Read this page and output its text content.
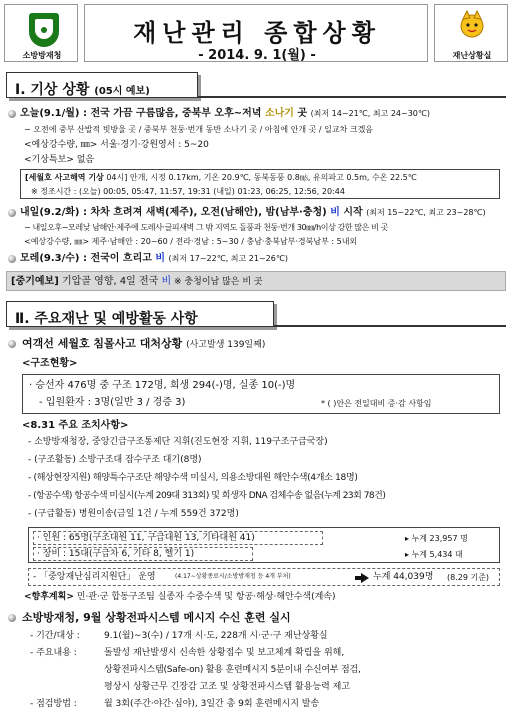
소방방재청
재난관리 종합상황
- 2014. 9. 1(월) -	재난상황실
Ⅰ. 기상 상황 (05시 예보)
오늘(9.1/월) : 전국 가끔 구름많음, 중북부 오후∼저녁 소나기 곳 (최저 14~21℃, 최고 24~30℃)
− 오전에 중부 산발적 빗방울 곳 / 중북부 천둥·번개 동반 소나기 곳 / 아침에 안개 곳 / 일교차 크겠음
<예상강수량, ㎜> 서울·경기·강원영서 : 5~20
<기상특보> 없음
[세월호 사고해역 기상 04시] 안개, 시정 0.17km, 기온 20.9℃, 동북동풍 0.8㎧, 유의파고 0.5m, 수온 22.5℃
※ 정조시간 : (오늘) 00:05, 05:47, 11:57, 19:31 (내일) 01:23, 06:25, 12:56, 20:44
내일(9.2/화) : 차차 흐려져 새벽(제주), 오전(남해안), 밤(남부·충청) 비 시작 (최저 15~22℃, 최고 23~28℃)
− 내일오후∼모레낮 남해안·제주에 도레사·글피새벽 그 밖 지역도 돌풍과 천둥·번개 30㎜/h이상 강한 많은 비 곳
<예상강수량, ㎜> 제주·남해안 : 20~60 / 전라·경남 : 5~30 / 충남·충북남부·경북남부 : 5내외
모레(9.3/수) : 전국이 흐리고 비 (최저 17~22℃, 최고 21~26℃)
[중기예보] 기압골 영향, 4일 전국 비 ※ 충청이남 많은 비 곳
Ⅱ. 주요재난 및 예방활동 사항
여객선 세월호 침몰사고 대처상황 (사고발생 139일째)
<구조현황>
· 승선자 476명 중 구조 172명, 희생 294(-)명, 실종 10(-)명
- 입원환자 : 3명(일반 3 / 경증 3)	* ( )안은 전일대비 증·감 사항임
<8.31 주요 조치사항>
- 소방방재청장, 중앙긴급구조통제단 지휘(진도현장 지휘, 119구조구급국장)
- (구조활동) 소방구조대 잠수구조 대기(8명)
- (해상현장지원) 해양특수구조단 해양수색 미실시, 의용소방대원 해안수색(4개소 18명)
- (항공수색) 항공수색 미실시(누계 209대 313회) 및 희생자 DNA 검체수송 없음(누계 23회 78건)
- (구급활동) 병원이송(금일 1건 / 누계 559건 372명)
· 인원 : 65명(구조대원 11, 구급대원 13, 기타대원 41)	▸ 누계 23,957 명
· 장비 : 15대(구급차 6, 기타 8, 헬기 1)	▸ 누계 5,434 대
- 「중앙재난심리지원단」 운영	(4.17∼상황종료시/소방방재청 등 4개 부처)	누계 44,039명 (8.29 기준)
<향후계획> 민·관·군 합동구조팀 실종자 수중수색 및 항공·해상·해안수색(계속)
소방방재청, 9월 상황전파시스템 메시지 수신 훈련 실시
- 기간/대상 :	9.1(월)∼3(수) / 17개 시·도, 228개 시·군·구 재난상황실
- 주요내용 :	돌발성 재난발생시 신속한 상황접수 및 보고체계 확립을 위해,
상황전파시스템(Safe-on) 활용 훈련메시지 5분이내 수신여부 점검,
평상시 상황근무 긴장감 고조 및 상황전파시스템 활용능력 제고
- 점검방법 :	월 3회(주간·야간·심야), 3일간 총 9회 훈련메시지 발송
